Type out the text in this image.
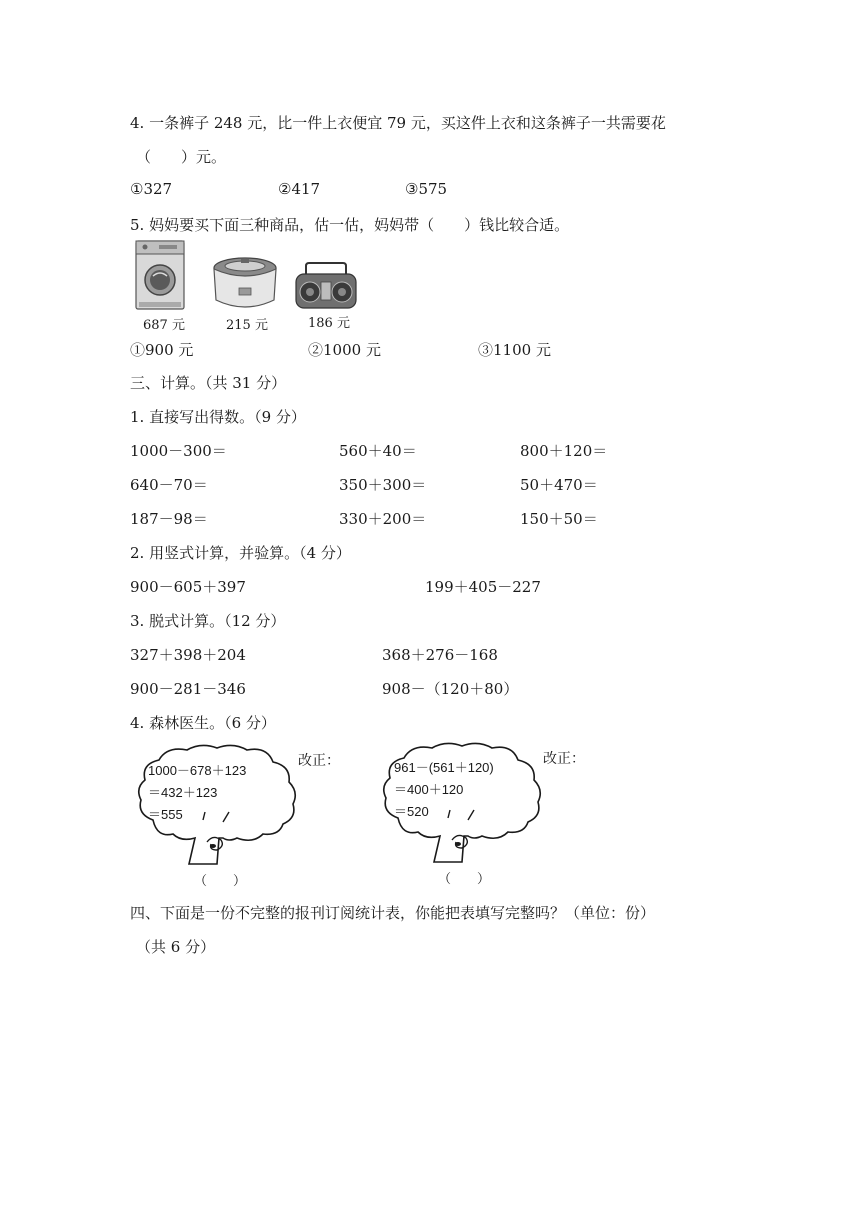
4. 一条裤子 248 元，比一件上衣便宜 79 元，买这件上衣和这条裤子一共需要花
（　　）元。
①327	②417	③575
5. 妈妈要买下面三种商品，估一估，妈妈带（　　）钱比较合适。
687 元	215 元	186 元
①900 元	②1000 元	③1100 元
三、计算。（共 31 分）
1. 直接写出得数。（9 分）
1000－300＝	560＋40＝	800＋120＝
640－70＝	350＋300＝	50＋470＝
187－98＝	330＋200＝	150＋50＝
2. 用竖式计算，并验算。（4 分）
900－605＋397	199＋405－227
3. 脱式计算。（12 分）
327＋398＋204	368＋276－168
900－281－346	908－（120＋80）
4. 森林医生。（6 分）
1000－678＋123
＝432＋123
＝555
（　　）
改正：	961－(561＋120)
＝400＋120
＝520
（　　）
改正：
四、下面是一份不完整的报刊订阅统计表，你能把表填写完整吗？（单位：份）
（共 6 分）
